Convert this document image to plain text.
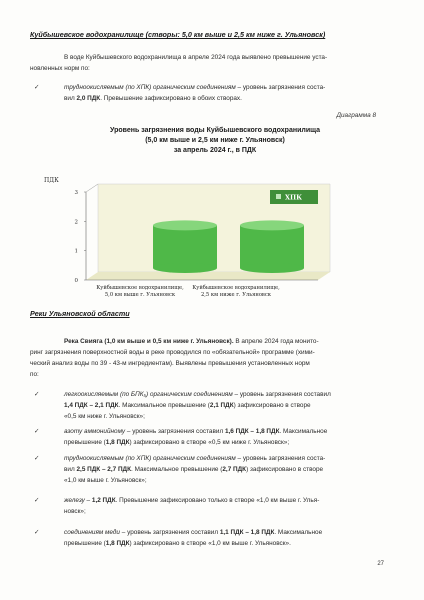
Куйбышевское водохранилище (створы: 5,0 км выше и 2,5 км ниже г. Ульяновск)
В воде Куйбышевского водохранилища в апреле 2024 года выявлено превышение уста-
новленных норм по:
✓	трудноокисляемым (по ХПК) органическим соединениям – уровень загрязнения соста-
вил 2,0 ПДК. Превышение зафиксировано в обоих створах.
Диаграмма 8
Уровень загрязнения воды Куйбышевского водохранилища
(5,0 км выше и 2,5 км ниже г. Ульяновск)
за апрель 2024 г., в ПДК
ПДК
0
1
2
3
Куйбышевское водохранилище,
5,0 км выше г. Ульяновск
Куйбышевское водохранилище,
2,5 км ниже г. Ульяновск
ХПК
Реки Ульяновской области
Река Свияга (1,0 км выше и 0,5 км ниже г. Ульяновск). В апреле 2024 года монито-
ринг загрязнения поверхностной воды в реке проводился по «обязательной» программе (хими-
ческий анализ воды по 39 - 43-м ингредиентам). Выявлены превышения установленных норм
по:
✓	легкоокисляемым (по БПК₅) органическим соединениям – уровень загрязнения составил
1,4 ПДК – 2,1 ПДК. Максимальное превышение (2,1 ПДК) зафиксировано в створе
«0,5 км ниже г. Ульяновск»;
✓	азоту аммонийному – уровень загрязнения составил 1,6 ПДК – 1,8 ПДК. Максимальное
превышение (1,8 ПДК) зафиксировано в створе «0,5 км ниже г. Ульяновск»;
✓	трудноокисляемым (по ХПК) органическим соединениям – уровень загрязнения соста-
вил 2,5 ПДК – 2,7 ПДК. Максимальное превышение (2,7 ПДК) зафиксировано в створе
«1,0 км выше г. Ульяновск»;
✓	железу – 1,2 ПДК. Превышение зафиксировано только в створе «1,0 км выше г. Улья-
новск»;
✓	соединениям меди – уровень загрязнения составил 1,1 ПДК – 1,8 ПДК. Максимальное
превышение (1,8 ПДК) зафиксировано в створе «1,0 км выше г. Ульяновск».
27
